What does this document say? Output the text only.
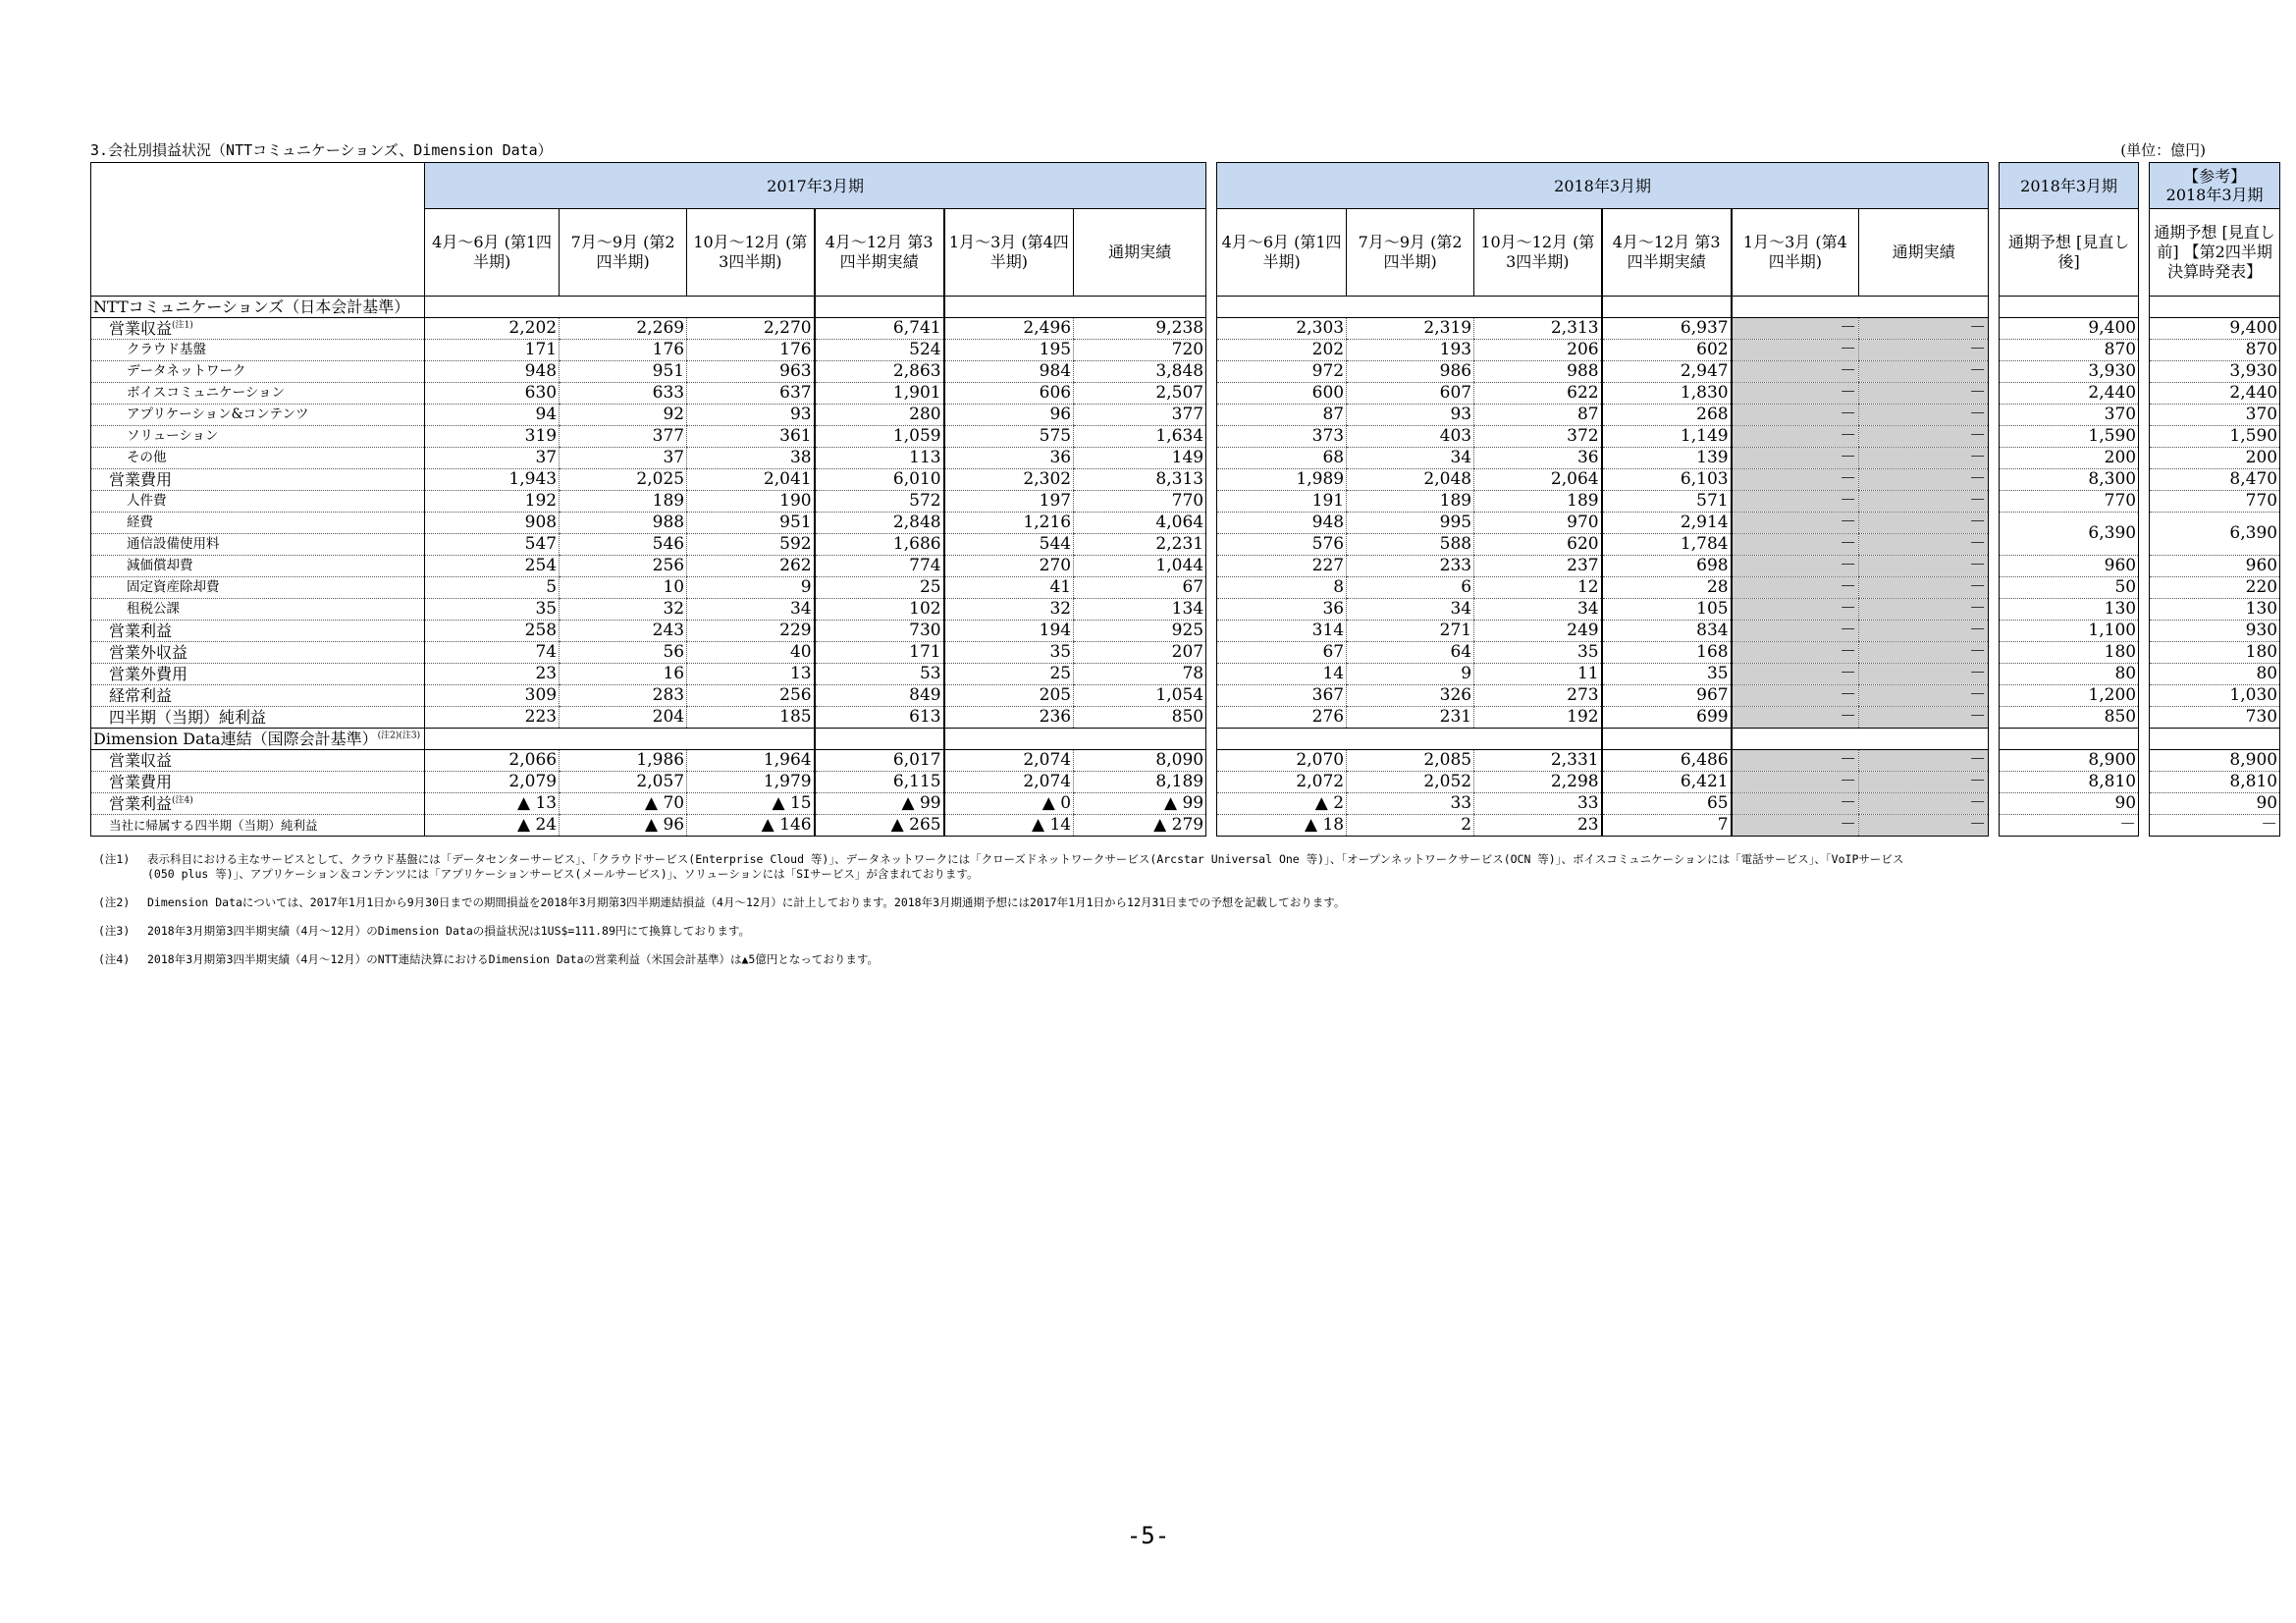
3.会社別損益状況（NTTコミュニケーションズ、Dimension Data）	(単位：億円)
	2017年3月期							2018年3月期							2018年3月期		【参考】
2018年3月期

	4月～6月 (第1四半期)	7月～9月 (第2四半期)	10月～12月 (第3四半期)	4月～12月 第3四半期実績	1月～3月 (第4四半期)	通期実績		4月～6月 (第1四半期)	7月～9月 (第2四半期)	10月～12月 (第3四半期)	4月～12月 第3四半期実績	1月～3月 (第4四半期)	通期実績		通期予想 [見直し後]		通期予想 [見直し前] 【第2四半期 決算時発表】
NTTコミュニケーションズ（日本会計基準）																	
営業収益$^{(注1)}$	2,202	2,269	2,270	6,741	2,496	9,238		2,303	2,319	2,313	6,937	－	－		9,400		9,400
クラウド基盤	171	176	176	524	195	720		202	193	206	602	－	－		870		870
データネットワーク	948	951	963	2,863	984	3,848		972	986	988	2,947	－	－		3,930		3,930
ボイスコミュニケーション	630	633	637	1,901	606	2,507		600	607	622	1,830	－	－		2,440		2,440
アプリケーション&コンテンツ	94	92	93	280	96	377		87	93	87	268	－	－		370		370
ソリューション	319	377	361	1,059	575	1,634		373	403	372	1,149	－	－		1,590		1,590
その他	37	37	38	113	36	149		68	34	36	139	－	－		200		200
営業費用	1,943	2,025	2,041	6,010	2,302	8,313		1,989	2,048	2,064	6,103	－	－		8,300		8,470
人件費	192	189	190	572	197	770		191	189	189	571	－	－		770		770
経費	908	988	951	2,848	1,216	4,064		948	995	970	2,914	－	－		6,390		6,390
通信設備使用料	547	546	592	1,686	544	2,231		576	588	620	1,784	－	－				
減価償却費	254	256	262	774	270	1,044		227	233	237	698	－	－		960		960
固定資産除却費	5	10	9	25	41	67		8	6	12	28	－	－		50		220
租税公課	35	32	34	102	32	134		36	34	34	105	－	－		130		130
営業利益	258	243	229	730	194	925		314	271	249	834	－	－		1,100		930
営業外収益	74	56	40	171	35	207		67	64	35	168	－	－		180		180
営業外費用	23	16	13	53	25	78		14	9	11	35	－	－		80		80
経常利益	309	283	256	849	205	1,054		367	326	273	967	－	－		1,200		1,030
四半期（当期）純利益	223	204	185	613	236	850		276	231	192	699	－	－		850		730
Dimension Data連結（国際会計基準）$^{(注2)(注3)}$																	
営業収益	2,066	1,986	1,964	6,017	2,074	8,090		2,070	2,085	2,331	6,486	－	－		8,900		8,900
営業費用	2,079	2,057	1,979	6,115	2,074	8,189		2,072	2,052	2,298	6,421	－	－		8,810		8,810
営業利益$^{(注4)}$	▲ 13	▲ 70	▲ 15	▲ 99	▲ 0	▲ 99		▲ 2	33	33	65	－	－		90		90
当社に帰属する四半期（当期）純利益	▲ 24	▲ 96	▲ 146	▲ 265	▲ 14	▲ 279		▲ 18	2	23	7	－	－		－		－
(注1)	表示科目における主なサービスとして、クラウド基盤には「データセンターサービス」、「クラウドサービス(Enterprise Cloud 等)」、データネットワークには「クローズドネットワークサービス(Arcstar Universal One 等)」、「オープンネットワークサービス(OCN 等)」、ボイスコミュニケーションには「電話サービス」、「VoIPサービス
(050 plus 等)」、アプリケーション＆コンテンツには「アプリケーションサービス(メールサービス)」、ソリューションには「SIサービス」が含まれております。
(注2)	Dimension Dataについては、2017年1月1日から9月30日までの期間損益を2018年3月期第3四半期連結損益（4月～12月）に計上しております。2018年3月期通期予想には2017年1月1日から12月31日までの予想を記載しております。
(注3)	2018年3月期第3四半期実績（4月～12月）のDimension Dataの損益状況は1US$=111.89円にて換算しております。
(注4)	2018年3月期第3四半期実績（4月～12月）のNTT連結決算におけるDimension Dataの営業利益（米国会計基準）は▲5億円となっております。
-5-
